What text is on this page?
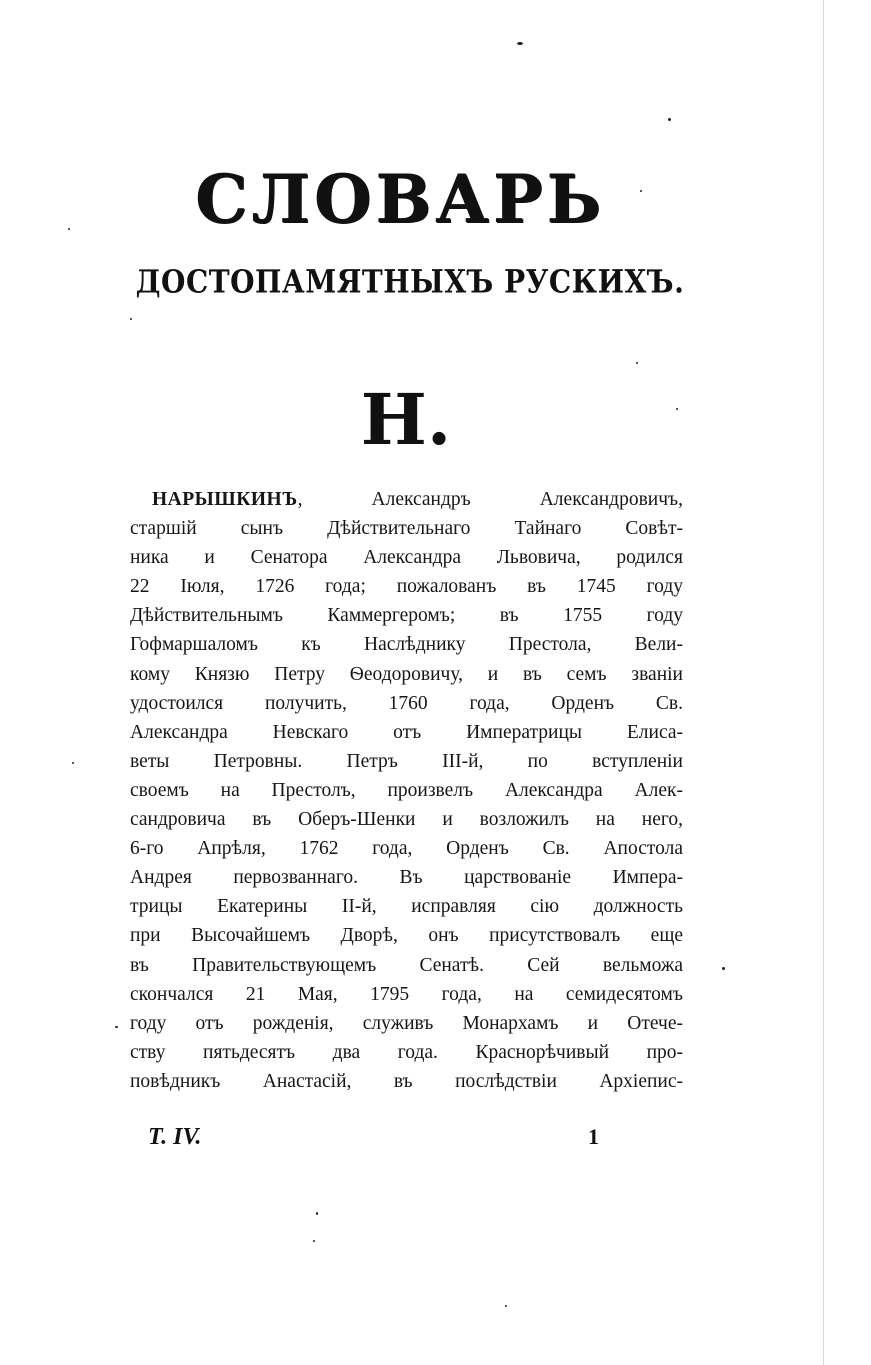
СЛОВАРЬ
ДОСТОПАМЯТНЫХЪ РУСКИХЪ.
Н.
НАРЫШКИНЪ, Александръ Александровичъ,
старшій сынъ Дѣйствительнаго Тайнаго Совѣт-
ника и Сенатора Александра Львовича, родился
22 Іюля, 1726 года; пожалованъ въ 1745 году
Дѣйствительнымъ Каммергеромъ; въ 1755 году
Гофмаршаломъ къ Наслѣднику Престола, Вели-
кому Князю Петру Ѳеодоровичу, и въ семъ званіи
удостоился получить, 1760 года, Орденъ Св.
Александра Невскаго отъ Императрицы Елиса-
веты Петровны. Петръ III-й, по вступленіи
своемъ на Престолъ, произвелъ Александра Алек-
сандровича въ Оберъ-Шенки и возложилъ на него,
6-го Апрѣля, 1762 года, Орденъ Св. Апостола
Андрея первозваннаго. Въ царствованіе Импера-
трицы Екатерины II-й, исправляя сію должность
при Высочайшемъ Дворѣ, онъ присутствовалъ еще
въ Правительствующемъ Сенатѣ. Сей вельможа
скончался 21 Мая, 1795 года, на семидесятомъ
году отъ рожденія, служивъ Монархамъ и Отече-
ству пятьдесятъ два года. Краснорѣчивый про-
повѣдникъ Анастасій, въ послѣдствіи Архіепис-
Т. IV.	1
